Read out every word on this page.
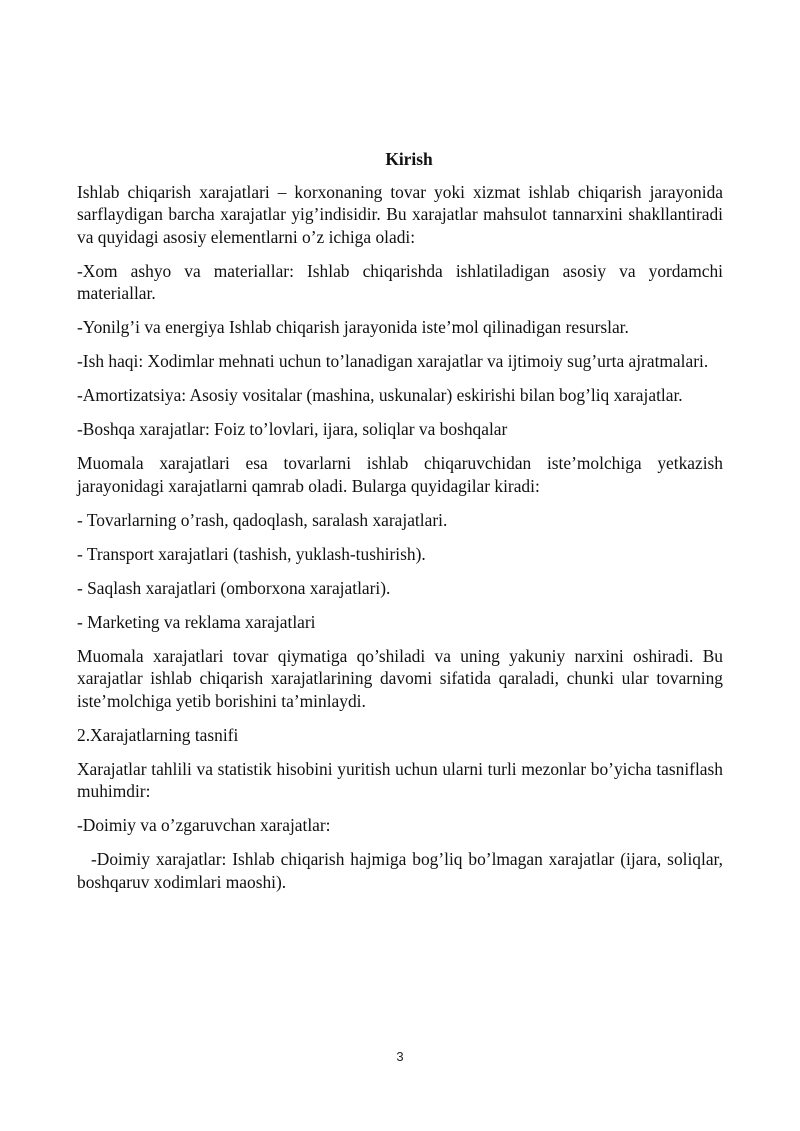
Kirish

Ishlab chiqarish xarajatlari – korxonaning tovar yoki xizmat ishlab chiqarish jarayonida sarflaydigan barcha xarajatlar yig’indisidir. Bu xarajatlar mahsulot tannarxini shakllantiradi va quyidagi asosiy elementlarni o’z ichiga oladi:

-Xom ashyo va materiallar: Ishlab chiqarishda ishlatiladigan asosiy va yordamchi materiallar.

-Yonilg’i va energiya Ishlab chiqarish jarayonida iste’mol qilinadigan resurslar.

-Ish haqi: Xodimlar mehnati uchun to’lanadigan xarajatlar va ijtimoiy sug’urta ajratmalari.

-Amortizatsiya: Asosiy vositalar (mashina, uskunalar) eskirishi bilan bog’liq xarajatlar.

-Boshqa xarajatlar: Foiz to’lovlari, ijara, soliqlar va boshqalar

Muomala xarajatlari esa tovarlarni ishlab chiqaruvchidan iste’molchiga yetkazish jarayonidagi xarajatlarni qamrab oladi. Bularga quyidagilar kiradi:

- Tovarlarning o’rash, qadoqlash, saralash xarajatlari.

- Transport xarajatlari (tashish, yuklash-tushirish).

- Saqlash xarajatlari (omborxona xarajatlari).

- Marketing va reklama xarajatlari

Muomala xarajatlari tovar qiymatiga qo’shiladi va uning yakuniy narxini oshiradi. Bu xarajatlar ishlab chiqarish xarajatlarining davomi sifatida qaraladi, chunki ular tovarning iste’molchiga yetib borishini ta’minlaydi.

2.Xarajatlarning tasnifi

Xarajatlar tahlili va statistik hisobini yuritish uchun ularni turli mezonlar bo’yicha tasniflash muhimdir:

-Doimiy va o’zgaruvchan xarajatlar:

-Doimiy xarajatlar: Ishlab chiqarish hajmiga bog’liq bo’lmagan xarajatlar (ijara, soliqlar, boshqaruv xodimlari maoshi).

3
